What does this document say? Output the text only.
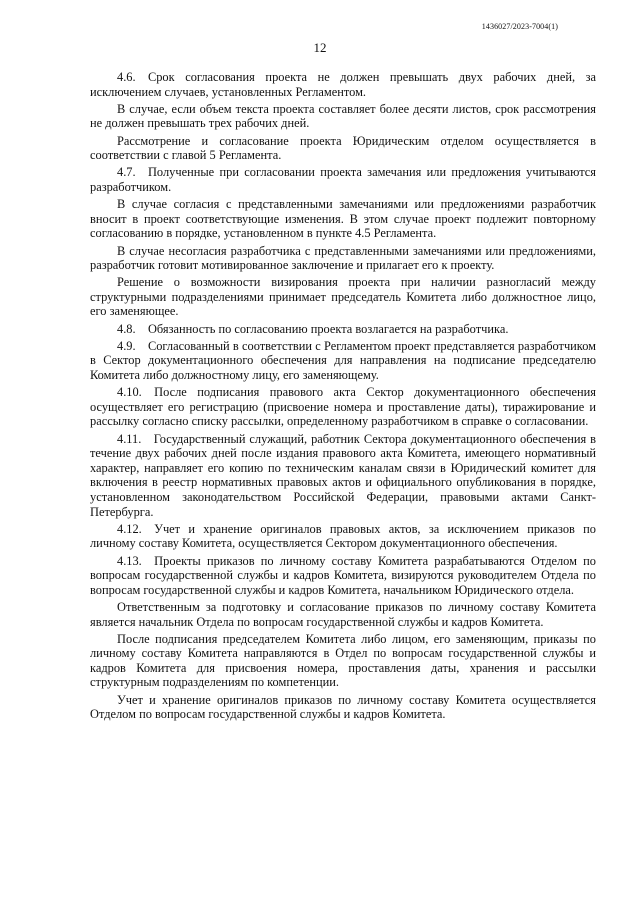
1436027/2023-7004(1)
12

4.6. Срок согласования проекта не должен превышать двух рабочих дней, за исключением случаев, установленных Регламентом.

В случае, если объем текста проекта составляет более десяти листов, срок рассмотрения не должен превышать трех рабочих дней.

Рассмотрение и согласование проекта Юридическим отделом осуществляется в соответствии с главой 5 Регламента.

4.7. Полученные при согласовании проекта замечания или предложения учитываются разработчиком.

В случае согласия с представленными замечаниями или предложениями разработчик вносит в проект соответствующие изменения. В этом случае проект подлежит повторному согласованию в порядке, установленном в пункте 4.5 Регламента.

В случае несогласия разработчика с представленными замечаниями или предложениями, разработчик готовит мотивированное заключение и прилагает его к проекту.

Решение о возможности визирования проекта при наличии разногласий между структурными подразделениями принимает председатель Комитета либо должностное лицо, его заменяющее.

4.8. Обязанность по согласованию проекта возлагается на разработчика.

4.9. Согласованный в соответствии с Регламентом проект представляется разработчиком в Сектор документационного обеспечения для направления на подписание председателю Комитета либо должностному лицу, его заменяющему.

4.10. После подписания правового акта Сектор документационного обеспечения осуществляет его регистрацию (присвоение номера и проставление даты), тиражирование и рассылку согласно списку рассылки, определенному разработчиком в справке о согласовании.

4.11. Государственный служащий, работник Сектора документационного обеспечения в течение двух рабочих дней после издания правового акта Комитета, имеющего нормативный характер, направляет его копию по техническим каналам связи в Юридический комитет для включения в реестр нормативных правовых актов и официального опубликования в порядке, установленном законодательством Российской Федерации, правовыми актами Санкт-Петербурга.

4.12. Учет и хранение оригиналов правовых актов, за исключением приказов по личному составу Комитета, осуществляется Сектором документационного обеспечения.

4.13. Проекты приказов по личному составу Комитета разрабатываются Отделом по вопросам государственной службы и кадров Комитета, визируются руководителем Отдела по вопросам государственной службы и кадров Комитета, начальником Юридического отдела.

Ответственным за подготовку и согласование приказов по личному составу Комитета является начальник Отдела по вопросам государственной службы и кадров Комитета.

После подписания председателем Комитета либо лицом, его заменяющим, приказы по личному составу Комитета направляются в Отдел по вопросам государственной службы и кадров Комитета для присвоения номера, проставления даты, хранения и рассылки структурным подразделениям по компетенции.

Учет и хранение оригиналов приказов по личному составу Комитета осуществляется Отделом по вопросам государственной службы и кадров Комитета.
